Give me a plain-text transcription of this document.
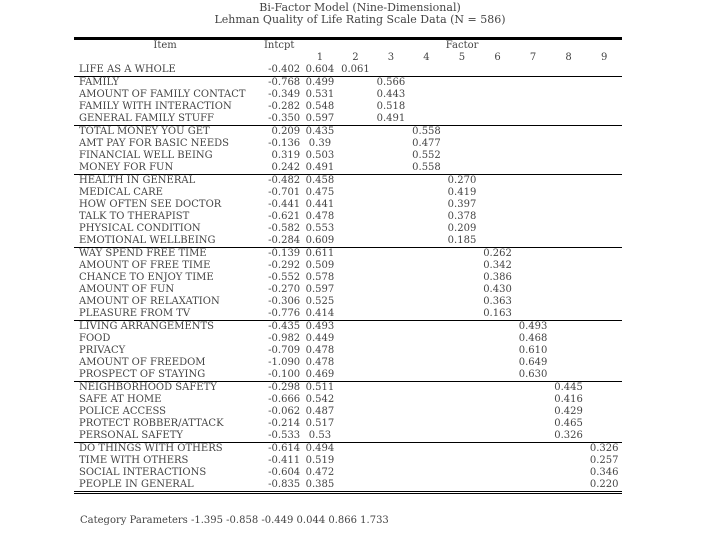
Bi-Factor Model (Nine-Dimensional)
Lehman Quality of Life Rating Scale Data (N = 586)
Item	Intcpt	Factor								
		1	2	3	4	5	6	7	8	9
LIFE AS A WHOLE	-0.402	0.604	0.061							
FAMILY	-0.768	0.499		0.566						
AMOUNT OF FAMILY CONTACT	-0.349	0.531		0.443						
FAMILY WITH INTERACTION	-0.282	0.548		0.518						
GENERAL FAMILY STUFF	-0.350	0.597		0.491						
TOTAL MONEY YOU GET	0.209	0.435			0.558					
AMT PAY FOR BASIC NEEDS	-0.136	0.39			0.477					
FINANCIAL WELL BEING	0.319	0.503			0.552					
MONEY FOR FUN	0.242	0.491			0.558					
HEALTH IN GENERAL	-0.482	0.458				0.270				
MEDICAL CARE	-0.701	0.475				0.419				
HOW OFTEN SEE DOCTOR	-0.441	0.441				0.397				
TALK TO THERAPIST	-0.621	0.478				0.378				
PHYSICAL CONDITION	-0.582	0.553				0.209				
EMOTIONAL WELLBEING	-0.284	0.609				0.185				
WAY SPEND FREE TIME	-0.139	0.611					0.262			
AMOUNT OF FREE TIME	-0.292	0.509					0.342			
CHANCE TO ENJOY TIME	-0.552	0.578					0.386			
AMOUNT OF FUN	-0.270	0.597					0.430			
AMOUNT OF RELAXATION	-0.306	0.525					0.363			
PLEASURE FROM TV	-0.776	0.414					0.163			
LIVING ARRANGEMENTS	-0.435	0.493						0.493		
FOOD	-0.982	0.449						0.468		
PRIVACY	-0.709	0.478						0.610		
AMOUNT OF FREEDOM	-1.090	0.478						0.649		
PROSPECT OF STAYING	-0.100	0.469						0.630		
NEIGHBORHOOD SAFETY	-0.298	0.511							0.445	
SAFE AT HOME	-0.666	0.542							0.416	
POLICE ACCESS	-0.062	0.487							0.429	
PROTECT ROBBER/ATTACK	-0.214	0.517							0.465	
PERSONAL SAFETY	-0.533	0.53							0.326	
DO THINGS WITH OTHERS	-0.614	0.494								0.326
TIME WITH OTHERS	-0.411	0.519								0.257
SOCIAL INTERACTIONS	-0.604	0.472								0.346
PEOPLE IN GENERAL	-0.835	0.385								0.220
Category Parameters -1.395 -0.858 -0.449 0.044 0.866 1.733
